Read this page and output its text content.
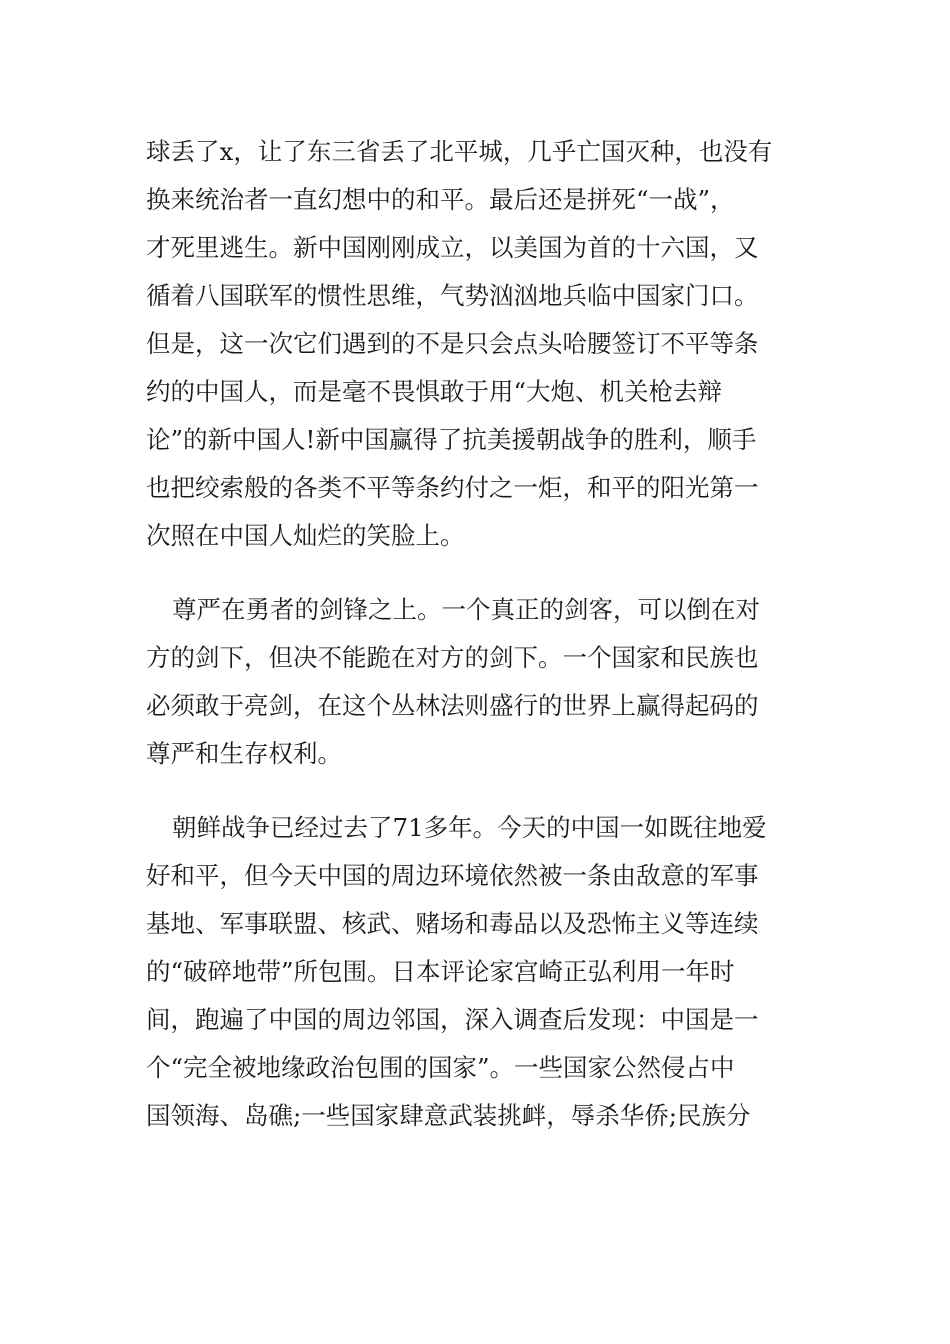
球丢了x，让了东三省丢了北平城，几乎亡国灭种，也没有
换来统治者一直幻想中的和平。最后还是拼死“一战”，
才死里逃生。新中国刚刚成立，以美国为首的十六国，又
循着八国联军的惯性思维，气势汹汹地兵临中国家门口。
但是，这一次它们遇到的不是只会点头哈腰签订不平等条
约的中国人，而是毫不畏惧敢于用“大炮、机关枪去辩
论”的新中国人!新中国赢得了抗美援朝战争的胜利，顺手
也把绞索般的各类不平等条约付之一炬，和平的阳光第一
次照在中国人灿烂的笑脸上。

尊严在勇者的剑锋之上。一个真正的剑客，可以倒在对
方的剑下，但决不能跪在对方的剑下。一个国家和民族也
必须敢于亮剑，在这个丛林法则盛行的世界上赢得起码的
尊严和生存权利。

朝鲜战争已经过去了71多年。今天的中国一如既往地爱
好和平，但今天中国的周边环境依然被一条由敌意的军事
基地、军事联盟、核武、赌场和毒品以及恐怖主义等连续
的“破碎地带”所包围。日本评论家宫崎正弘利用一年时
间，跑遍了中国的周边邻国，深入调查后发现：中国是一
个“完全被地缘政治包围的国家”。一些国家公然侵占中
国领海、岛礁;一些国家肆意武装挑衅，辱杀华侨;民族分
